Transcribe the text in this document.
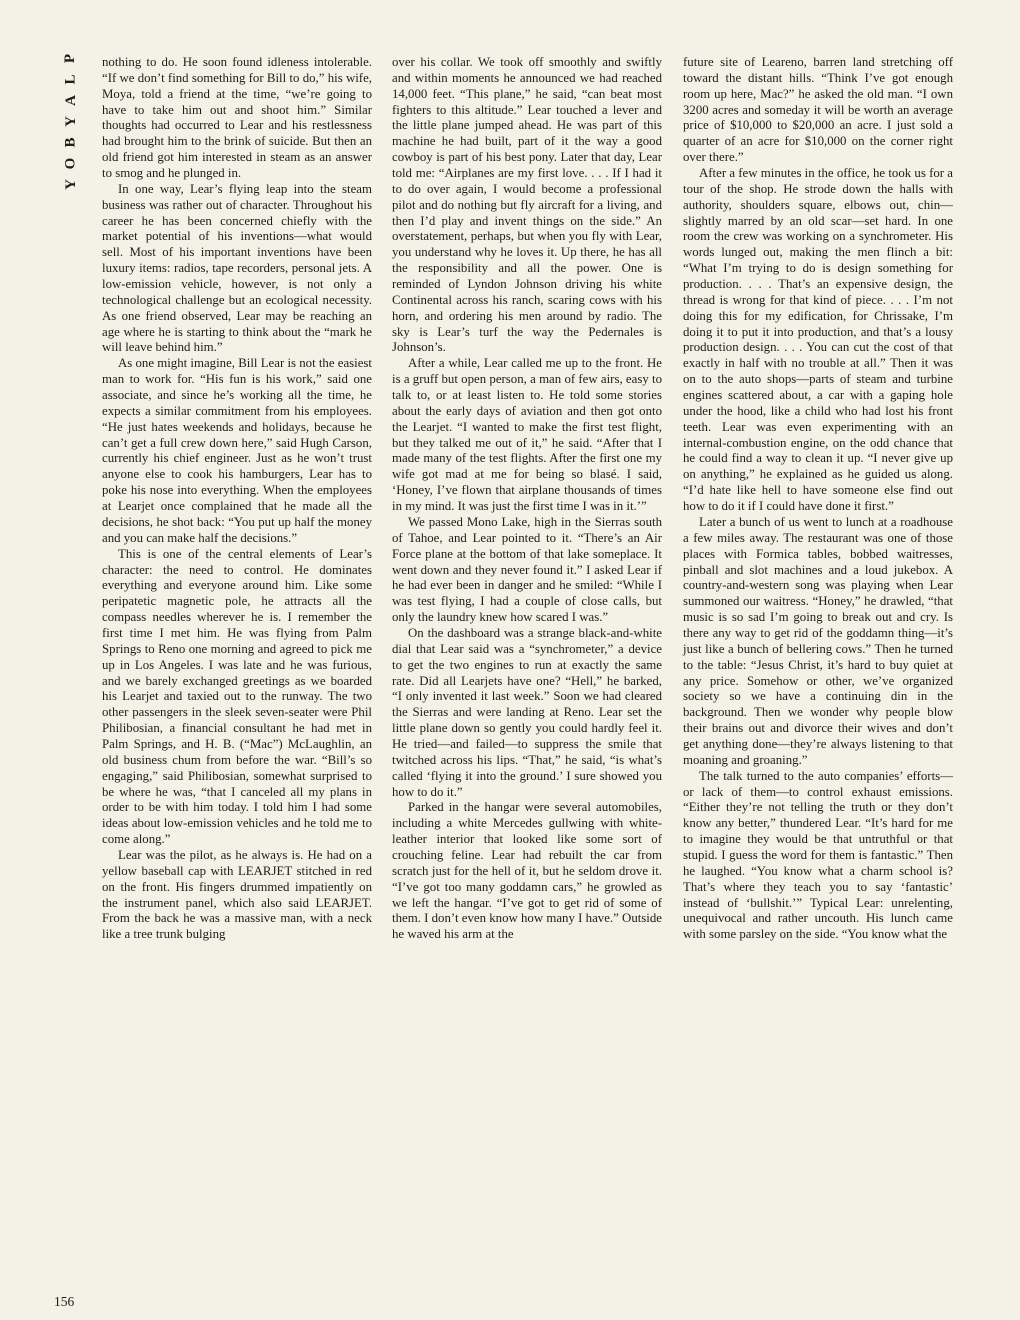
P
L
A
Y
B
O
Y
156

nothing to do. He soon found idleness intolerable. “If we don’t find something for Bill to do,” his wife, Moya, told a friend at the time, “we’re going to have to take him out and shoot him.” Similar thoughts had occurred to Lear and his restlessness had brought him to the brink of suicide. But then an old friend got him interested in steam as an answer to smog and he plunged in.

In one way, Lear’s flying leap into the steam business was rather out of character. Throughout his career he has been concerned chiefly with the market potential of his inventions—what would sell. Most of his important inventions have been luxury items: radios, tape recorders, personal jets. A low-emission vehicle, however, is not only a technological challenge but an ecological necessity. As one friend observed, Lear may be reaching an age where he is starting to think about the “mark he will leave behind him.”

As one might imagine, Bill Lear is not the easiest man to work for. “His fun is his work,” said one associate, and since he’s working all the time, he expects a similar commitment from his employees. “He just hates weekends and holidays, because he can’t get a full crew down here,” said Hugh Carson, currently his chief engineer. Just as he won’t trust anyone else to cook his hamburgers, Lear has to poke his nose into everything. When the employees at Learjet once complained that he made all the decisions, he shot back: “You put up half the money and you can make half the decisions.”

This is one of the central elements of Lear’s character: the need to control. He dominates everything and everyone around him. Like some peripatetic magnetic pole, he attracts all the compass needles wherever he is. I remember the first time I met him. He was flying from Palm Springs to Reno one morning and agreed to pick me up in Los Angeles. I was late and he was furious, and we barely exchanged greetings as we boarded his Learjet and taxied out to the runway. The two other passengers in the sleek seven-seater were Phil Philibosian, a financial consultant he had met in Palm Springs, and H. B. (“Mac”) McLaughlin, an old business chum from before the war. “Bill’s so engaging,” said Philibosian, somewhat surprised to be where he was, “that I canceled all my plans in order to be with him today. I told him I had some ideas about low-emission vehicles and he told me to come along.”

Lear was the pilot, as he always is. He had on a yellow baseball cap with LEARJET stitched in red on the front. His fingers drummed impatiently on the instrument panel, which also said LEARJET. From the back he was a massive man, with a neck like a tree trunk bulging

over his collar. We took off smoothly and swiftly and within moments he announced we had reached 14,000 feet. “This plane,” he said, “can beat most fighters to this altitude.” Lear touched a lever and the little plane jumped ahead. He was part of this machine he had built, part of it the way a good cowboy is part of his best pony. Later that day, Lear told me: “Airplanes are my first love. . . . If I had it to do over again, I would become a professional pilot and do nothing but fly aircraft for a living, and then I’d play and invent things on the side.” An overstatement, perhaps, but when you fly with Lear, you understand why he loves it. Up there, he has all the responsibility and all the power. One is reminded of Lyndon Johnson driving his white Continental across his ranch, scaring cows with his horn, and ordering his men around by radio. The sky is Lear’s turf the way the Pedernales is Johnson’s.

After a while, Lear called me up to the front. He is a gruff but open person, a man of few airs, easy to talk to, or at least listen to. He told some stories about the early days of aviation and then got onto the Learjet. “I wanted to make the first test flight, but they talked me out of it,” he said. “After that I made many of the test flights. After the first one my wife got mad at me for being so blasé. I said, ‘Honey, I’ve flown that airplane thousands of times in my mind. It was just the first time I was in it.’”

We passed Mono Lake, high in the Sierras south of Tahoe, and Lear pointed to it. “There’s an Air Force plane at the bottom of that lake someplace. It went down and they never found it.” I asked Lear if he had ever been in danger and he smiled: “While I was test flying, I had a couple of close calls, but only the laundry knew how scared I was.”

On the dashboard was a strange black-and-white dial that Lear said was a “synchrometer,” a device to get the two engines to run at exactly the same rate. Did all Learjets have one? “Hell,” he barked, “I only invented it last week.” Soon we had cleared the Sierras and were landing at Reno. Lear set the little plane down so gently you could hardly feel it. He tried—and failed—to suppress the smile that twitched across his lips. “That,” he said, “is what’s called ‘flying it into the ground.’ I sure showed you how to do it.”

Parked in the hangar were several automobiles, including a white Mercedes gullwing with white-leather interior that looked like some sort of crouching feline. Lear had rebuilt the car from scratch just for the hell of it, but he seldom drove it. “I’ve got too many goddamn cars,” he growled as we left the hangar. “I’ve got to get rid of some of them. I don’t even know how many I have.” Outside he waved his arm at the

future site of Leareno, barren land stretching off toward the distant hills. “Think I’ve got enough room up here, Mac?” he asked the old man. “I own 3200 acres and someday it will be worth an average price of $10,000 to $20,000 an acre. I just sold a quarter of an acre for $10,000 on the corner right over there.”

After a few minutes in the office, he took us for a tour of the shop. He strode down the halls with authority, shoulders square, elbows out, chin—slightly marred by an old scar—set hard. In one room the crew was working on a synchrometer. His words lunged out, making the men flinch a bit: “What I’m trying to do is design something for production. . . . That’s an expensive design, the thread is wrong for that kind of piece. . . . I’m not doing this for my edification, for Chrissake, I’m doing it to put it into production, and that’s a lousy production design. . . . You can cut the cost of that exactly in half with no trouble at all.” Then it was on to the auto shops—parts of steam and turbine engines scattered about, a car with a gaping hole under the hood, like a child who had lost his front teeth. Lear was even experimenting with an internal-combustion engine, on the odd chance that he could find a way to clean it up. “I never give up on anything,” he explained as he guided us along. “I’d hate like hell to have someone else find out how to do it if I could have done it first.”

Later a bunch of us went to lunch at a roadhouse a few miles away. The restaurant was one of those places with Formica tables, bobbed waitresses, pinball and slot machines and a loud jukebox. A country-and-western song was playing when Lear summoned our waitress. “Honey,” he drawled, “that music is so sad I’m going to break out and cry. Is there any way to get rid of the goddamn thing—it’s just like a bunch of bellering cows.” Then he turned to the table: “Jesus Christ, it’s hard to buy quiet at any price. Somehow or other, we’ve organized society so we have a continuing din in the background. Then we wonder why people blow their brains out and divorce their wives and don’t get anything done—they’re always listening to that moaning and groaning.”

The talk turned to the auto companies’ efforts—or lack of them—to control exhaust emissions. “Either they’re not telling the truth or they don’t know any better,” thundered Lear. “It’s hard for me to imagine they would be that untruthful or that stupid. I guess the word for them is fantastic.” Then he laughed. “You know what a charm school is? That’s where they teach you to say ‘fantastic’ instead of ‘bullshit.’” Typical Lear: unrelenting, unequivocal and rather uncouth. His lunch came with some parsley on the side. “You know what the
